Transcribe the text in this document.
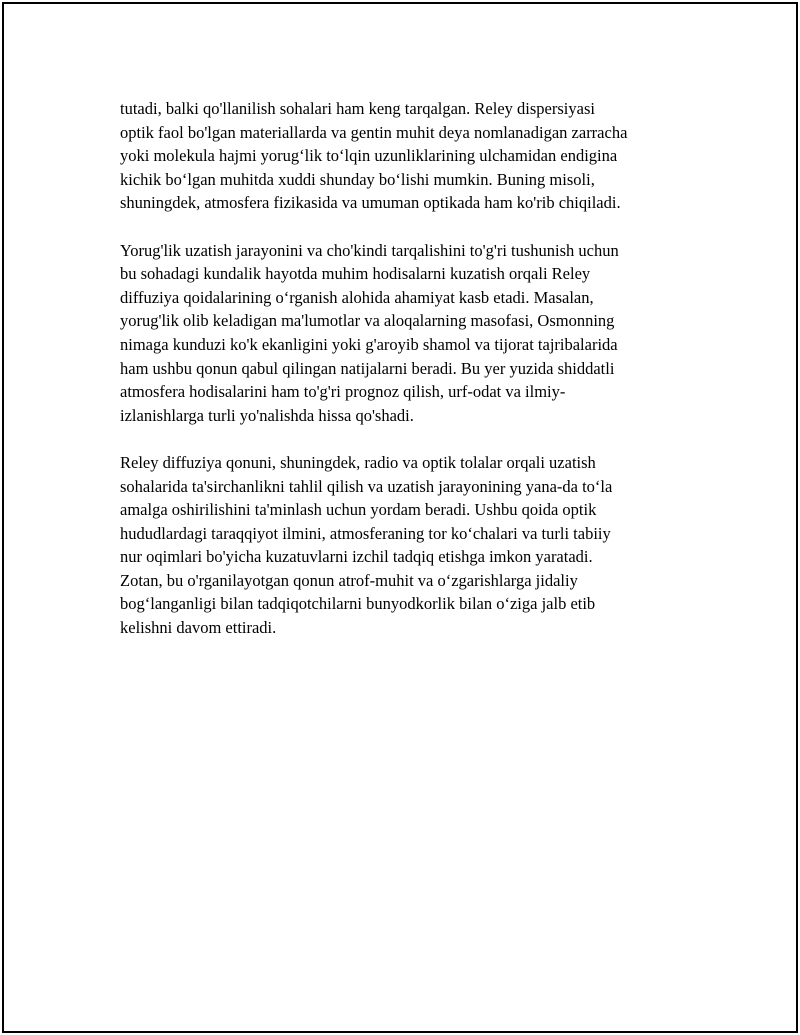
tutadi, balki qo'llanilish sohalari ham keng tarqalgan. Reley dispersiyasi
optik faol bo'lgan materiallarda va gentin muhit deya nomlanadigan zarracha
yoki molekula hajmi yorug‘lik to‘lqin uzunliklarining ulchamidan endigina
kichik bo‘lgan muhitda xuddi shunday bo‘lishi mumkin. Buning misoli,
shuningdek, atmosfera fizikasida va umuman optikada ham ko'rib chiqiladi.

Yorug'lik uzatish jarayonini va cho'kindi tarqalishini to'g'ri tushunish uchun
bu sohadagi kundalik hayotda muhim hodisalarni kuzatish orqali Reley
diffuziya qoidalarining o‘rganish alohida ahamiyat kasb etadi. Masalan,
yorug'lik olib keladigan ma'lumotlar va aloqalarning masofasi, Osmonning
nimaga kunduzi ko'k ekanligini yoki g'aroyib shamol va tijorat tajribalarida
ham ushbu qonun qabul qilingan natijalarni beradi. Bu yer yuzida shiddatli
atmosfera hodisalarini ham to'g'ri prognoz qilish, urf-odat va ilmiy-
izlanishlarga turli yo'nalishda hissa qo'shadi.

Reley diffuziya qonuni, shuningdek, radio va optik tolalar orqali uzatish
sohalarida ta'sirchanlikni tahlil qilish va uzatish jarayonining yana-da to‘la
amalga oshirilishini ta'minlash uchun yordam beradi. Ushbu qoida optik
hududlardagi taraqqiyot ilmini, atmosferaning tor ko‘chalari va turli tabiiy
nur oqimlari bo'yicha kuzatuvlarni izchil tadqiq etishga imkon yaratadi.
Zotan, bu o'rganilayotgan qonun atrof-muhit va o‘zgarishlarga jidaliy
bog‘langanligi bilan tadqiqotchilarni bunyodkorlik bilan o‘ziga jalb etib
kelishni davom ettiradi.
